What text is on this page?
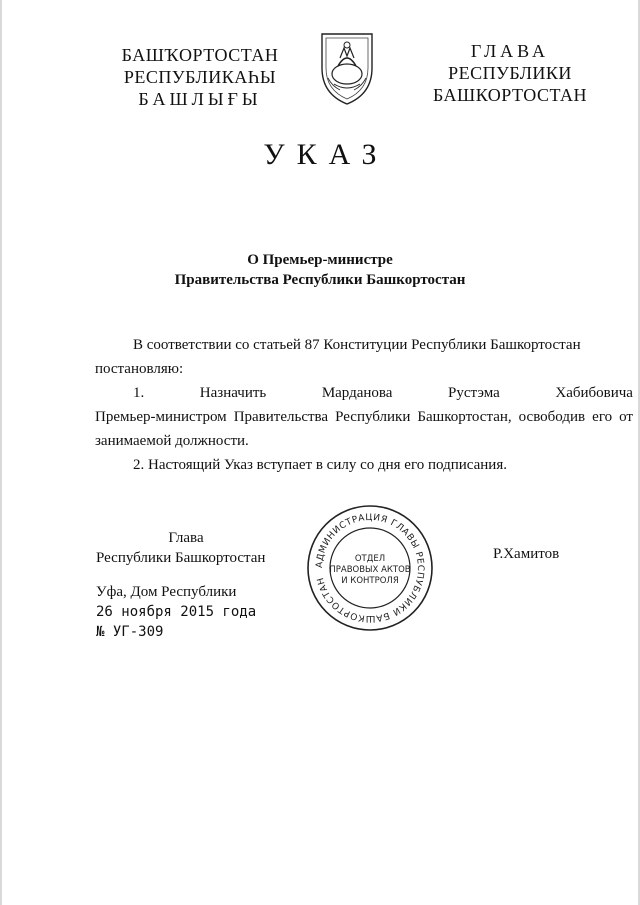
БАШҠОРТОСТАН
РЕСПУБЛИКАҺЫ
БАШЛЫҒЫ
ГЛАВА
РЕСПУБЛИКИ
БАШКОРТОСТАН
УКАЗ
О Премьер-министре
Правительства Республики Башкортостан

В соответствии со статьей 87 Конституции Республики Башкортостан

постановляю:

1.	Назначить	Марданова	Рустэма	Хабибовича

Премьер-министром Правительства Республики Башкортостан, освободив его от занимаемой должности.

2. Настоящий Указ вступает в силу со дня его подписания.

Глава
Республики Башкортостан	АДМИНИСТРАЦИЯ ГЛАВЫ РЕСПУБЛИКИ БАШКОРТОСТАН
ОТДЕЛ
ПРАВОВЫХ АКТОВ
И КОНТРОЛЯ
Р.Хамитов
Уфа, Дом Республики
26 ноября 2015 года
№ УГ-309
